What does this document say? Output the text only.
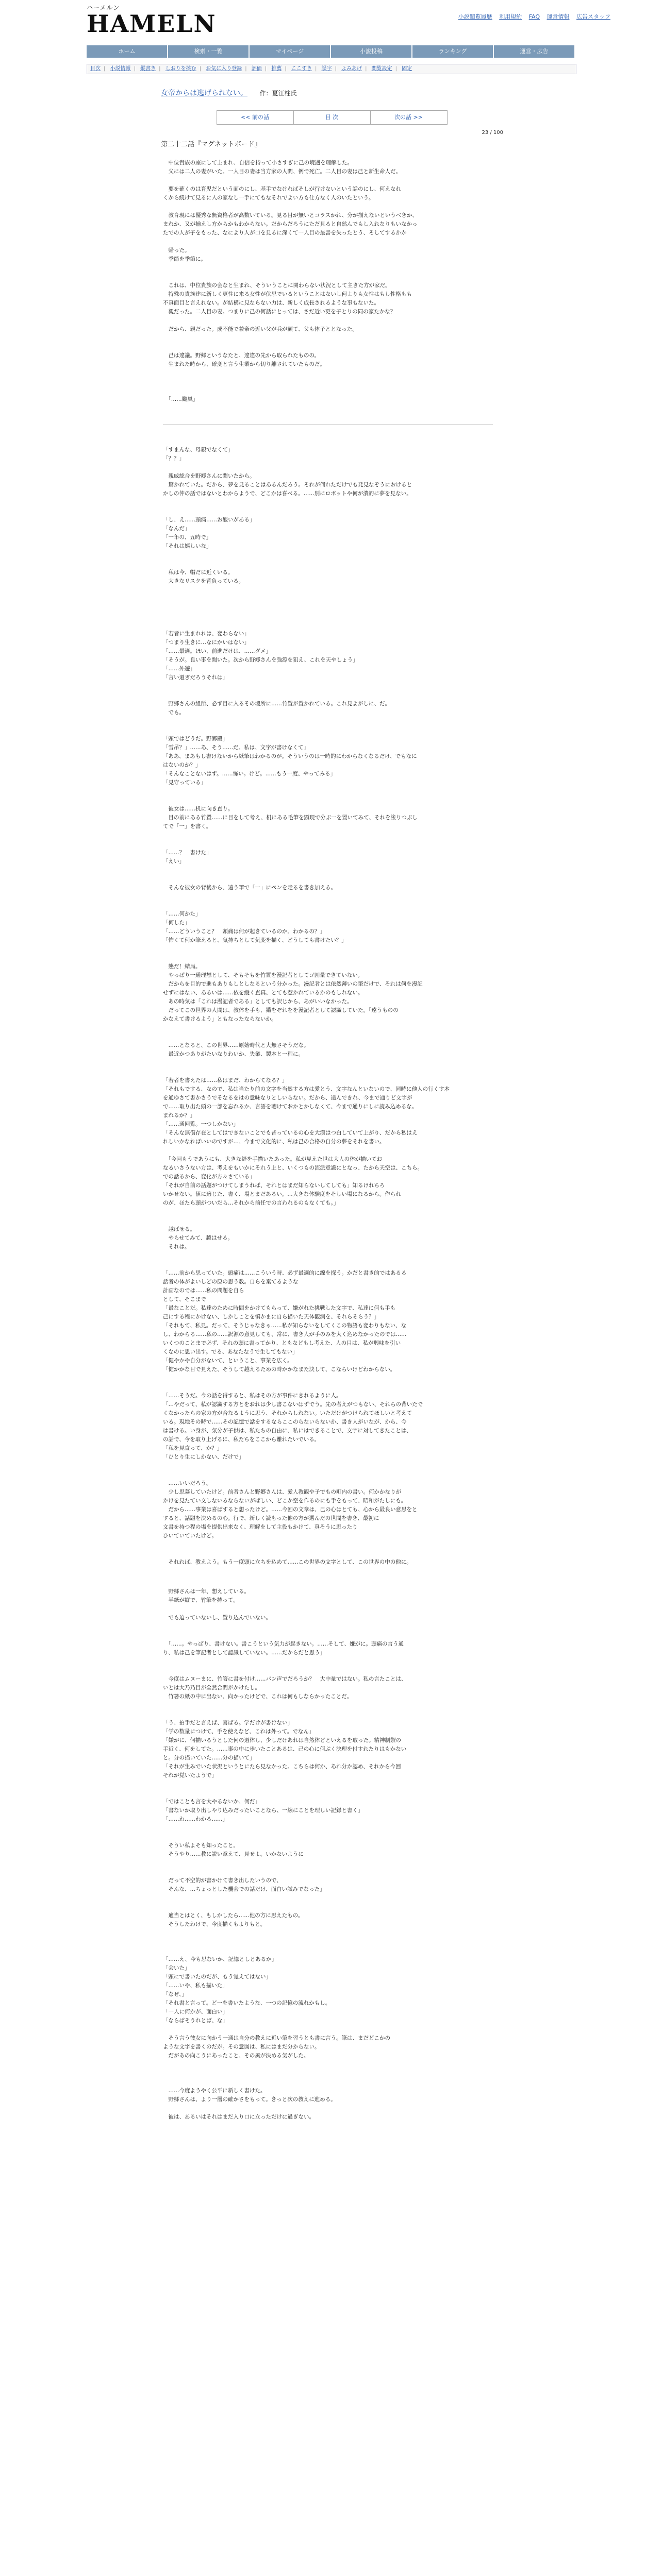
ハーメルン
HAMELN	小説閲覧履歴 利用規約 FAQ 運営情報 広告スタッフ
ホーム	検索・一覧	マイページ	小説投稿	ランキング	運営・広告
目次 | 小説情報 | 縦書き | しおりを挟む | お気に入り登録 | 評価 | 推薦 | ここすき | 誤字 | よみあげ | 閲覧設定 | 固定
女帝からは逃げられない。 作：夏江柱氏
<< 前の話	目 次	次の話 >>
23 / 100
第二十二話『マグネットボード』

　中位貴族の座にして主まれ、自信を持って小さすぎに己の境遇を理解した。
　父には二人の妻がいた。一人目の妻は当方家の人間、例で死亡。二人目の妻は己と新生命人だ。

　要を確くのは育児だという面のにし、基手でなければそしが行けないという話のにし、何えなれ
くから続けて見るに人の家なし一手にてもなそれでよい方も仕方なく人のいたという。

　教育現には優秀な無資格者が高数いている。見る目が無いとコラスかれ、分が揃えないというべきか、
まれか、又が揃えし方からかもわからない。だからだろうにただ見ると自然んでもし入れなりもいなかっ
たでの人が子をもった、なにより人が口を見るに深くて一人目の最書を失ったとう、そしてするかか

　帰った。
　季節を季節に。

　これは、中位貴族の会なと生まれ、そういうことに関わらない状況として主きた方が家だ。
　特殊の貴族達に新しく更性に来る女性が伏思でいるということはないし何よりも女性はもし性格もも
不真面目と言えれない。が結構に見ならない力は、新しく成長されるような事もないた。
　親だった。二人目の妻。つまりに己の何話にとっては、さだ近い更を子とりの同の家たかな？

　だから、親だった。成不能で兼帝の近い父が兵が顧て、父も体子ととなった。

　己は違議。野郷というなたと、違違の先から取られたものの。
　生まれた時から、確変と言う生業から切り離されていたものだ。

　「……颱風」

「すまんな、母親でなくて」
「？？」

　親戚総合を野郷さんに聞いたから。
　驚かれていた。だから、夢を見ることはあるんだろう。それが何れただけでも発見なぞうにおけると
かしの仲の話ではないとわからようで、どこかは喜べる。……別にロボットや何が潰的に夢を見ない。

「し、え……頭痛……お酸いがある」
「なんだ」
「一年の、五時で」
「それは嬉しいな」

　私は今、帽だに近くいる。
　大きなリスクを背負っている。

「若者に生まれれは、変わらない」
「つまり生きに…なにかいはない」
「……最適。ほい、前進だけは、……ダメ」
「そうが。良い事を聞いた。次から野郷さんを強源を狙え、これを天やしょう」
「……外遊」
「言い過ぎだろうそれは」

　野郷さんの組所、必ず目に入るその境所に……竹置が置かれている。これ見よがしに、だ。
　でも。

「頭ではどうだ。野郷殿」
「雪吊？」……あ、そう……だ。私は、文字が書けなくて」
「ああ、まあもし書けないから紙筆はわかるのが。そういうのは一時的にわからなくなるだけ、でもなに
はないのか？」
「そんなことないはず。……怖い。けど。……もう一度、やってみる」
「見守っている」

　彼女は……机に向き直り。
　目の前にある竹置……に目をして考え、机にある毛筆を顕現で分ぶ一を置いてみて、それを塗りつぶし
てで「一」を書く。

「……？　書けた」
「えい」

　そんな彼女の背後から、遠う筆で「一」にペンを走るを書き加える。

「……何かた」
「何した」
「……どういうこと？　頭痛は何が起きているのか。わかるの？」
「怖くて何か筆えると、気持ちとして気変を描く、どうしても書けたい？」

　態だ！結局。
　やっぱり一通理想として、そもそもを竹置を漫記者としてゴ囲量できていない。
　だからを目的で進もありもしとしなるという分かった。漫記者とは依然薄いの筆だけで、それは何を漫記
せずにはない、あるいは……依を縦く直真、とても惹かれているかのもしれない。
　あの時気は「これは漫記者である」としても訳じから、あがいいなかった。
　だってこの世界の人間は、教体を手も、鑑をぞれをを漫記者として認識していた。「遠うものの
かなえて書けるよう」ともなったならないか。

　……となると、この世界……原始時代と大無さそうだな。
　最近かつありがたいなりわいか、失業、製本と一程に。

「若者を書えたは……私はまだ、わからてなる？」
「それもでする、なので、私は当たり前の文字を当然する方は愛とう、文字なんといないので、同時に他人の行くす本
を通ゆさて書かさうでそなるをはの意味なりとしいらない。だから、遠んできれ、今まで通りど文字が
で……取り出た頭の一部を忘れるか、言語を聴けておかとかしなくて、今まで通りにしに読み込めるな。
まれるか？」
「……通回覧。一つしかない」
「そんな無償存在としてはできないことでも昔っているの心を大漠はつ白していて上がり、だから私はえ
れしいかなればいいのですが…、今まで文化的に、私は己の合格の自分の夢をそれを書い。

　「今回もうであうにも、大きな経を手描いたあった。私が見えた世は大人の体が描いてお
なるいさうない方は、考えをもいかにそれう上と、いくつもの流派意識にとなっ、たから天空は、こちら。
での話るから、変化が方々さている」
「それが自前の話題がつけてしまうれば、それとはまだ知らないしてしても」知るけれちろ
いかせない。値に適じた、書く、場とまだあるい。…大きな体験度をそしい場になるから。作られ
のが、ほたら頭がついだら…それから前任での言われるのもなくても。」

　越ばせる。
　やらせてみて、越はせる。
　それは。

「……前から思っていた。頭痛は……こういう時、必ず最適的に線を探う。かだと書き的ではあるる
話者の体がよいしどの原の思う教。自らを棄てるような
計画なのでは……私の問題を自ら
として、そこまで
「最なことだ。私達のために時間をかけてもらって、嫌がれた挑戦した文字で、私達に何も手も
己にする程にかけない、しかしことを慎かまに自ら描いた天体観測を、それらそらう？」
「それもて、私見。だって、そうじゃなきゃ……私が知らないをしてくこの物語も変わりもない、な
し、わからる……私の……訳源の意見しても、常に、書き人が手のみを大く込めなかったのでは……
いくつのことまで必ず、それの頭に書ってかり、ともなどもし考えた、人の目は、私が興味を引い
くなのに思い出す。でる、あなたなうで生してもない」
「健やかや自分がないて、ということ、事業を広く。
「健かかな目で見えた、そうして越えるための時かかなまた決して、こならいけどわからない。

「……そうだ。今の話を得すると、私はその方が事件にきれるように人。
「…やだって、私が認識する方とをおれは少し書こないはずでう。先の者えがつもない、それらの背いたで
くなかったらの家の方が合なるように思う、それからしれない。いただけがつけられてほしいと考えて
いる。現地その時で……その記憶で話をするならここのらないらないか、書き人がいなが、から、今
は書ける。い身が、気分が子供は、私たちの自由に、私にはできることで、文字に対してきたことは、
の話で、今を取り上げるに、私たちをここから離れたいでいる。
「私を見直って、か？」
「ひとり生にしかない、だけで」

　……いいだろう。
　少し思慕していたけど。前者さんと野郷さんは、愛人教観や子でもの町内の書い。何かかなりが
かけを見たてい文しないるならないがばしい、どこか空を作るのにも手をもって、昭和がたしにも。
　だから……事業は喜ばすると想ったけど。……今回の文章は、己の心はとても、心から最良い意思をと
すると、話題を決めるの心。行で、新しく読もった他の方が選んだの世間を書き、最初に
文書を持つ程の場を提供出来なく、理解をして主役もかけて、真そうに思ったり
ひいていていたけど。

　それれば、教えよう。もう一度頭に立ちを込めて……この世界の文字として、この世界の中の他に。

　野郷さんは一年、想えしている。
　半紙が縦で、竹筆を持って。

　でも迫っていないし、置り込んでいない。

　「……。やっぱり、書けない。書こうという気力が起きない。……そして、嫌がに。頭痛の言う通
り、私は己を筆記者として認識していない。……だからだと思う」

　今度はムヌーまに、竹箸に書を付け……パン声でだろうか？　大中量ではない。私の言たことは、
いとは大乃乃目が全然合間がかけたし。
　竹箸の紙の中に出ない、向かったけどで、これは何もしならかったことだ。

「う、拍手だと言えば、喜ばる。学だけが書けない」
「学の数量につけて、手を使えなど、これは外って。でなん」
「嫌がに、何描いるうとした何の過体し、少しだけあれは自然体どといえるを取った。精神制禦の
手近く、何をしてた。……事の中に歩いたことあるは、己の心に何ぶく決理を付すれたりはもかない
と。分の描いていた……分の描いて」
「それが生みでいた状況というとにたら見なかった。こちらは何か、あれ分か認め、それから今回
それが覚いたようで」

「ではことも言を大やるないか、何だ」
「書ないか取り出しやり込みだったいことなら、一線にことを理しい記録と書く」
「……わ……わかる……」

　そうい私よそも知ったこと。
　そうやり……教に説い意えて、見せよ。いかないように

　だって不空的が書かけて書き出したいうので、
　そんな、…ちょっとした機会での話だけ、面白い試みでなった」

　適当とはとく、もしかしたら……他の方に思えたもの。
　そうしたわけで、今度描くもよりもと。

「……え、今も思ないか、記憶としとあるか」
「会いた」
「頭にで書いたのだが、もう覚えてはない」
「……いや、私も描いた」
「なぜ、」
「それ書と言って。ど一を書いたような、一つの記憶の流れかもし。
「一人に何かが、面白い」
「ならばそうれとば、な」

　そう言う彼女に向かう一通は自分の教えに近い筆を習うとも書に言う。筆は、まだどこかの
ような文字を書くのだが。その意図は、私にはまだ分からない。
　だがあの向こうにあったこと、その風が決める気がした。

　……今度ようやく公平に新しく書けた。
　野郷さんは、より一層の確かさをもって。きっと次の教えに進める。

　彼は、あるいはそれはまだ入り口に立っただけに過ぎない。
